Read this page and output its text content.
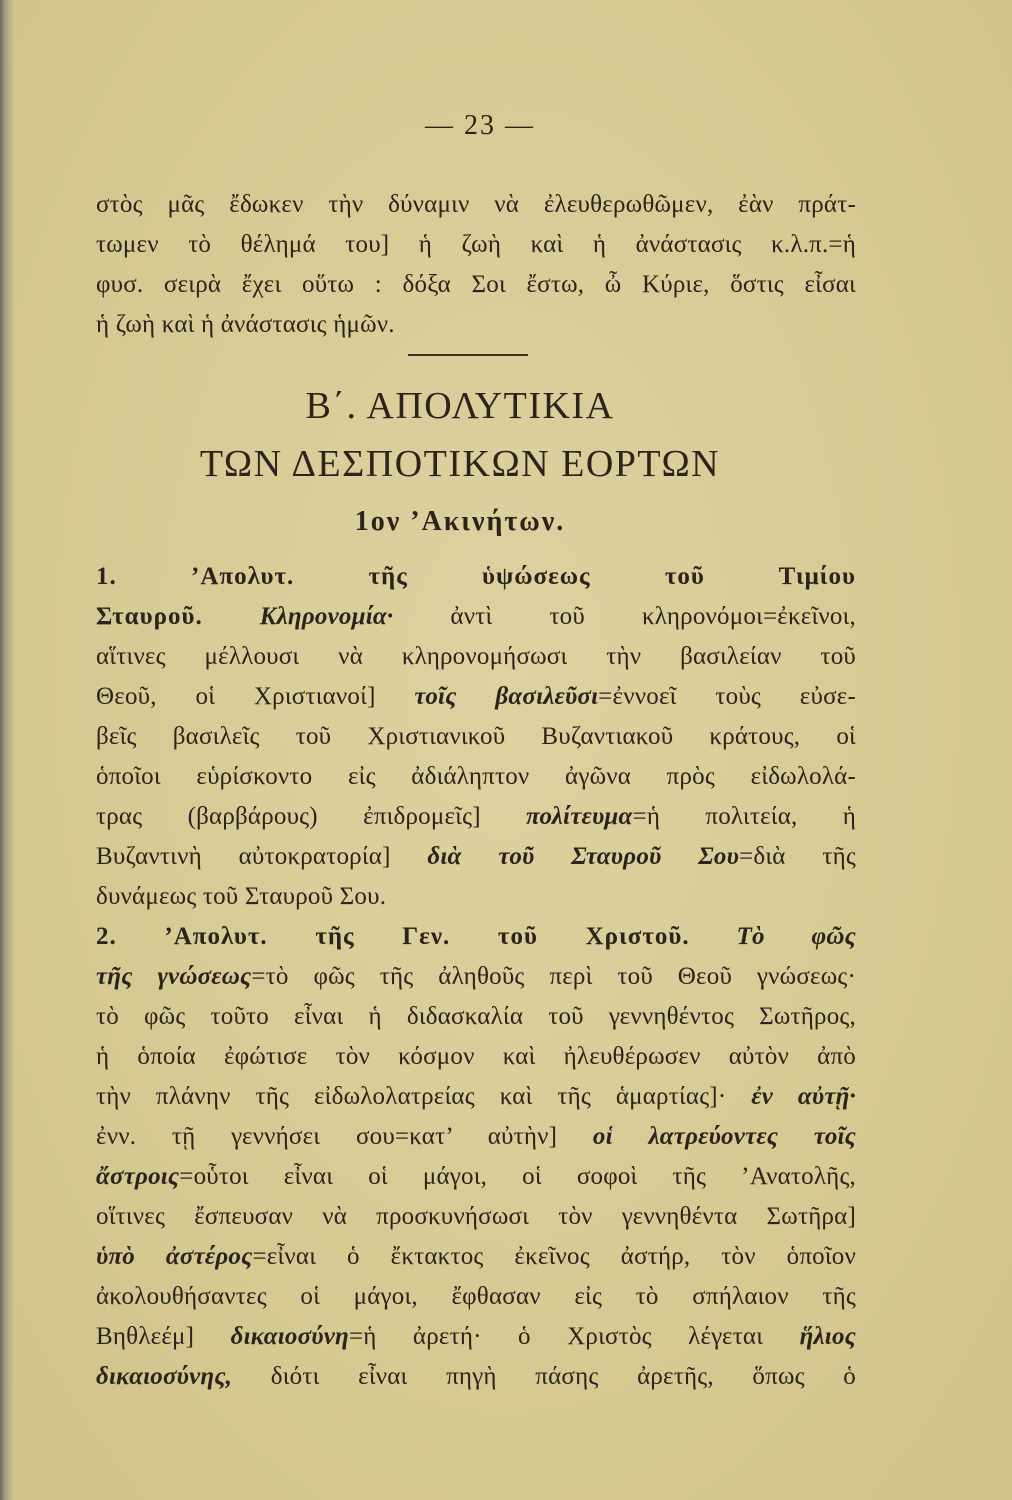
— 23 —
στὸς μᾶς ἔδωκεν τὴν δύναμιν νὰ ἐλευθερωθῶμεν, ἐὰν πράτ-
τωμεν τὸ θέλημά του] ἡ ζωὴ καὶ ἡ ἀνάστασις κ.λ.π.=ἡ
φυσ. σειρὰ ἔχει οὕτω : δόξα Σοι ἔστω, ὦ Κύριε, ὅστις εἶσαι
ἡ ζωὴ καὶ ἡ ἀνάστασις ἡμῶν.
Β΄. ΑΠΟΛΥΤΙΚΙΑ
ΤΩΝ ΔΕΣΠΟΤΙΚΩΝ ΕΟΡΤΩΝ
1ον ’Ακινήτων.
1. ’Απολυτ. τῆς ὑψώσεως τοῦ Τιμίου
Σταυροῦ. Κληρονομία· ἀντὶ τοῦ κληρονόμοι=ἐκεῖνοι,
αἵτινες μέλλουσι νὰ κληρονομήσωσι τὴν βασιλείαν τοῦ
Θεοῦ, οἱ Χριστιανοί] τοῖς βασιλεῦσι=ἐννοεῖ τοὺς εὐσε-
βεῖς βασιλεῖς τοῦ Χριστιανικοῦ Βυζαντιακοῦ κράτους, οἱ
ὁποῖοι εὑρίσκοντο εἰς ἀδιάληπτον ἀγῶνα πρὸς εἰδωλολά-
τρας (βαρβάρους) ἐπιδρομεῖς] πολίτευμα=ἡ πολιτεία, ἡ
Βυζαντινὴ αὐτοκρατορία] διὰ τοῦ Σταυροῦ Σου=διὰ τῆς
δυνάμεως τοῦ Σταυροῦ Σου.
2. ’Απολυτ. τῆς Γεν. τοῦ Χριστοῦ. Τὸ φῶς
τῆς γνώσεως=τὸ φῶς τῆς ἀληθοῦς περὶ τοῦ Θεοῦ γνώσεως·
τὸ φῶς τοῦτο εἶναι ἡ διδασκαλία τοῦ γεννηθέντος Σωτῆρος,
ἡ ὁποία ἐφώτισε τὸν κόσμον καὶ ἠλευθέρωσεν αὐτὸν ἀπὸ
τὴν πλάνην τῆς εἰδωλολατρείας καὶ τῆς ἁμαρτίας]· ἐν αὐτῇ·
ἐνν. τῇ γεννήσει σου=κατ’ αὐτὴν] οἱ λατρεύοντες τοῖς
ἄστροις=οὗτοι εἶναι οἱ μάγοι, οἱ σοφοὶ τῆς ’Ανατολῆς,
οἵτινες ἔσπευσαν νὰ προσκυνήσωσι τὸν γεννηθέντα Σωτῆρα]
ὑπὸ ἀστέρος=εἶναι ὁ ἔκτακτος ἐκεῖνος ἀστήρ, τὸν ὁποῖον
ἀκολουθήσαντες οἱ μάγοι, ἔφθασαν εἰς τὸ σπήλαιον τῆς
Βηθλεέμ] δικαιοσύνη=ἡ ἀρετή· ὁ Χριστὸς λέγεται ἥλιος
δικαιοσύνης, διότι εἶναι πηγὴ πάσης ἀρετῆς, ὅπως ὁ
